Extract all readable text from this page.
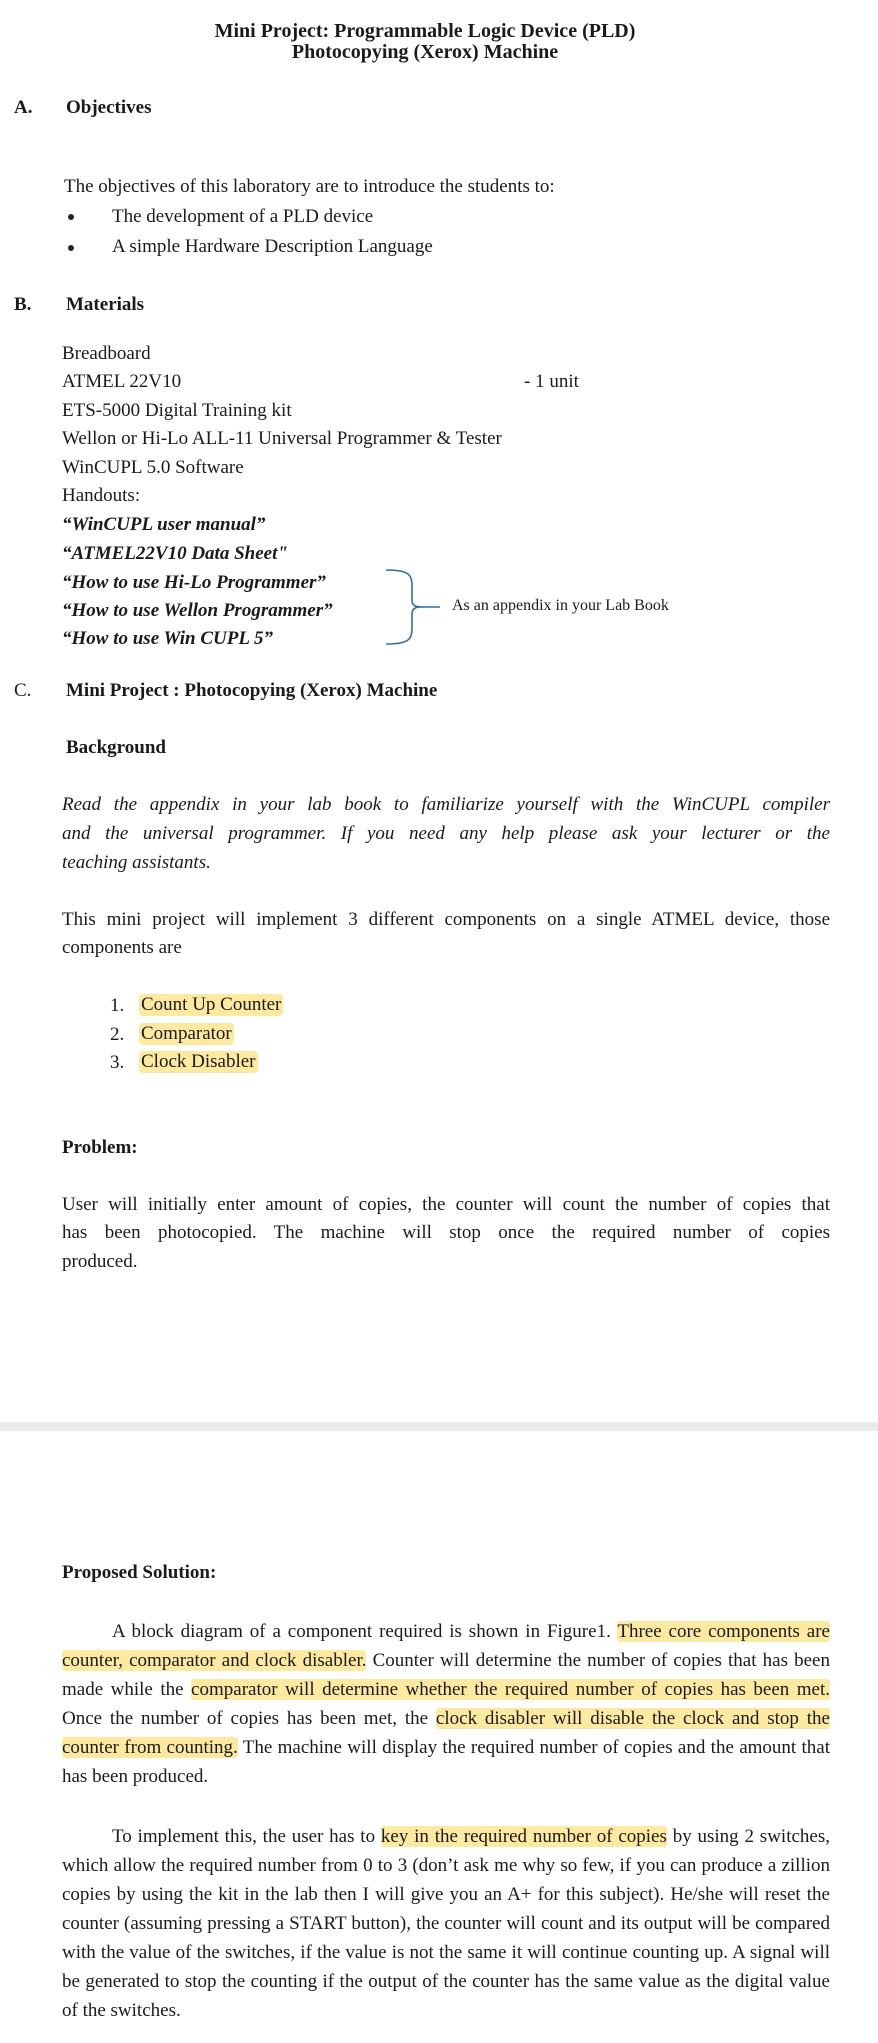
Mini Project: Programmable Logic Device (PLD)
Photocopying (Xerox) Machine
A. Objectives
The objectives of this laboratory are to introduce the students to:
The development of a PLD device
A simple Hardware Description Language
B. Materials
Breadboard
ATMEL 22V10	- 1 unit
ETS-5000 Digital Training kit
Wellon or Hi-Lo ALL-11 Universal Programmer & Tester
WinCUPL 5.0 Software
Handouts:
“WinCUPL user manual”
“ATMEL22V10 Data Sheet"
“How to use Hi-Lo Programmer”
“How to use Wellon Programmer”
“How to use Win CUPL 5”
As an appendix in your Lab Book
C. Mini Project : Photocopying (Xerox) Machine
Background
Read the appendix in your lab book to familiarize yourself with the WinCUPL compiler
and the universal programmer. If you need any help please ask your lecturer or the
teaching assistants.
This mini project will implement 3 different components on a single ATMEL device, those
components are
1. Count Up Counter
2. Comparator
3. Clock Disabler
Problem:
User will initially enter amount of copies, the counter will count the number of copies that
has been photocopied. The machine will stop once the required number of copies
produced.
Proposed Solution:
A block diagram of a component required is shown in Figure1. Three core components are counter, comparator and clock disabler. Counter will determine the number of copies that has been made while the comparator will determine whether the required number of copies has been met. Once the number of copies has been met, the clock disabler will disable the clock and stop the counter from counting. The machine will display the required number of copies and the amount that has been produced.
To implement this, the user has to key in the required number of copies by using 2 switches, which allow the required number from 0 to 3 (don’t ask me why so few, if you can produce a zillion copies by using the kit in the lab then I will give you an A+ for this subject). He/she will reset the counter (assuming pressing a START button), the counter will count and its output will be compared with the value of the switches, if the value is not the same it will continue counting up. A signal will be generated to stop the counting if the output of the counter has the same value as the digital value of the switches.
